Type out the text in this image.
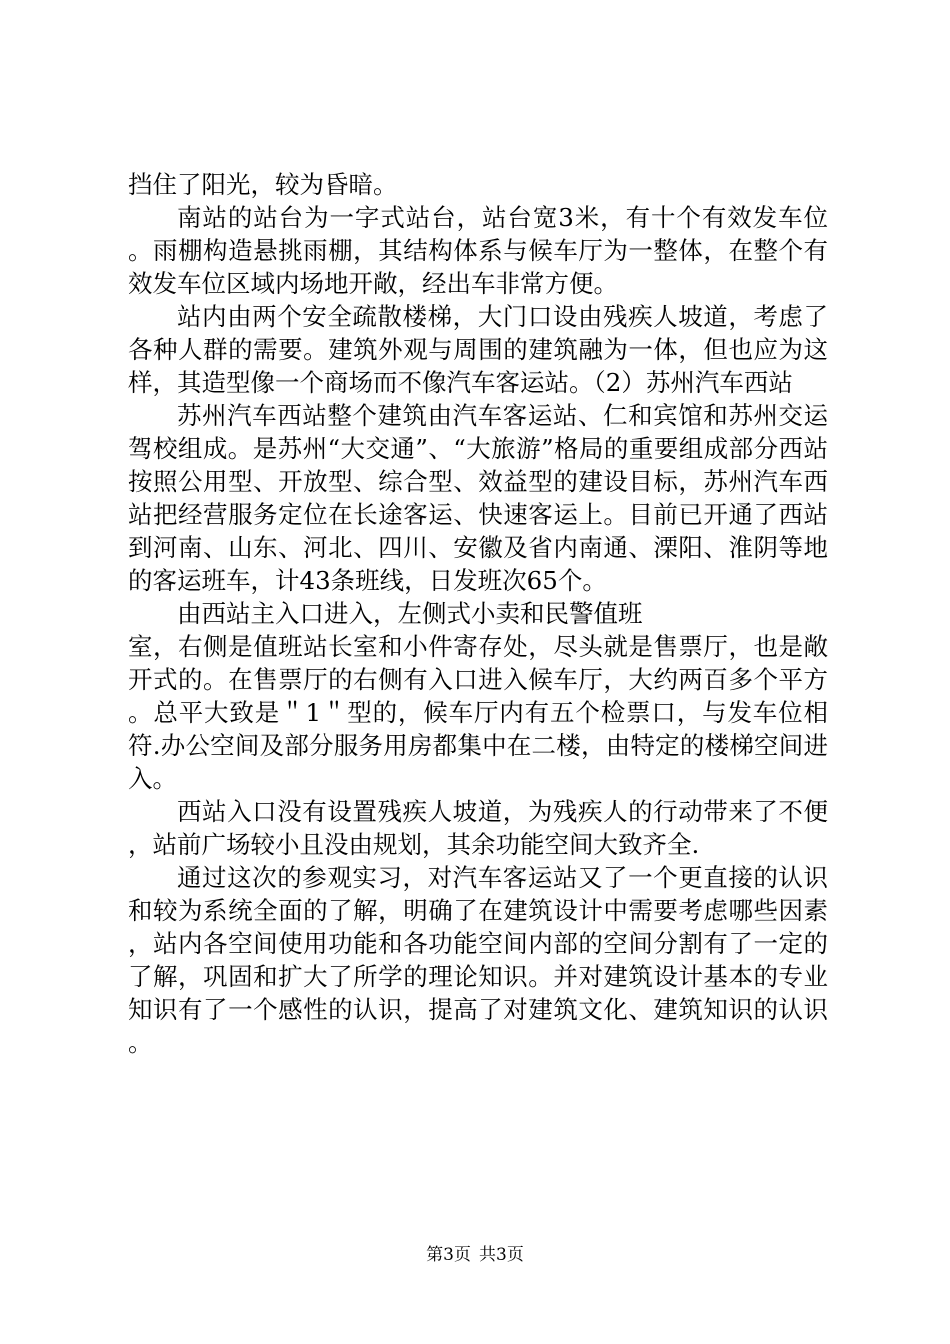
挡住了阳光，较为昏暗。

南站的站台为一字式站台，站台宽3米，有十个有效发车位。雨棚构造悬挑雨棚，其结构体系与候车厅为一整体，在整个有效发车位区域内场地开敞，经出车非常方便。

站内由两个安全疏散楼梯，大门口设由残疾人坡道，考虑了各种人群的需要。建筑外观与周围的建筑融为一体，但也应为这样，其造型像一个商场而不像汽车客运站。（2）苏州汽车西站

苏州汽车西站整个建筑由汽车客运站、仁和宾馆和苏州交运驾校组成。是苏州“大交通”、“大旅游”格局的重要组成部分西站按照公用型、开放型、综合型、效益型的建设目标，苏州汽车西站把经营服务定位在长途客运、快速客运上。目前已开通了西站到河南、山东、河北、四川、安徽及省内南通、溧阳、淮阴等地的客运班车，计43条班线，日发班次65个。

由西站主入口进入，左侧式小卖和民警值班

室，右侧是值班站长室和小件寄存处，尽头就是售票厅，也是敞开式的。在售票厅的右侧有入口进入候车厅，大约两百多个平方。总平大致是＂1＂型的，候车厅内有五个检票口，与发车位相符.办公空间及部分服务用房都集中在二楼，由特定的楼梯空间进入。

西站入口没有设置残疾人坡道，为残疾人的行动带来了不便，站前广场较小且没由规划，其余功能空间大致齐全.

通过这次的参观实习，对汽车客运站又了一个更直接的认识和较为系统全面的了解，明确了在建筑设计中需要考虑哪些因素，站内各空间使用功能和各功能空间内部的空间分割有了一定的了解，巩固和扩大了所学的理论知识。并对建筑设计基本的专业知识有了一个感性的认识，提高了对建筑文化、建筑知识的认识。

第3页 共3页
